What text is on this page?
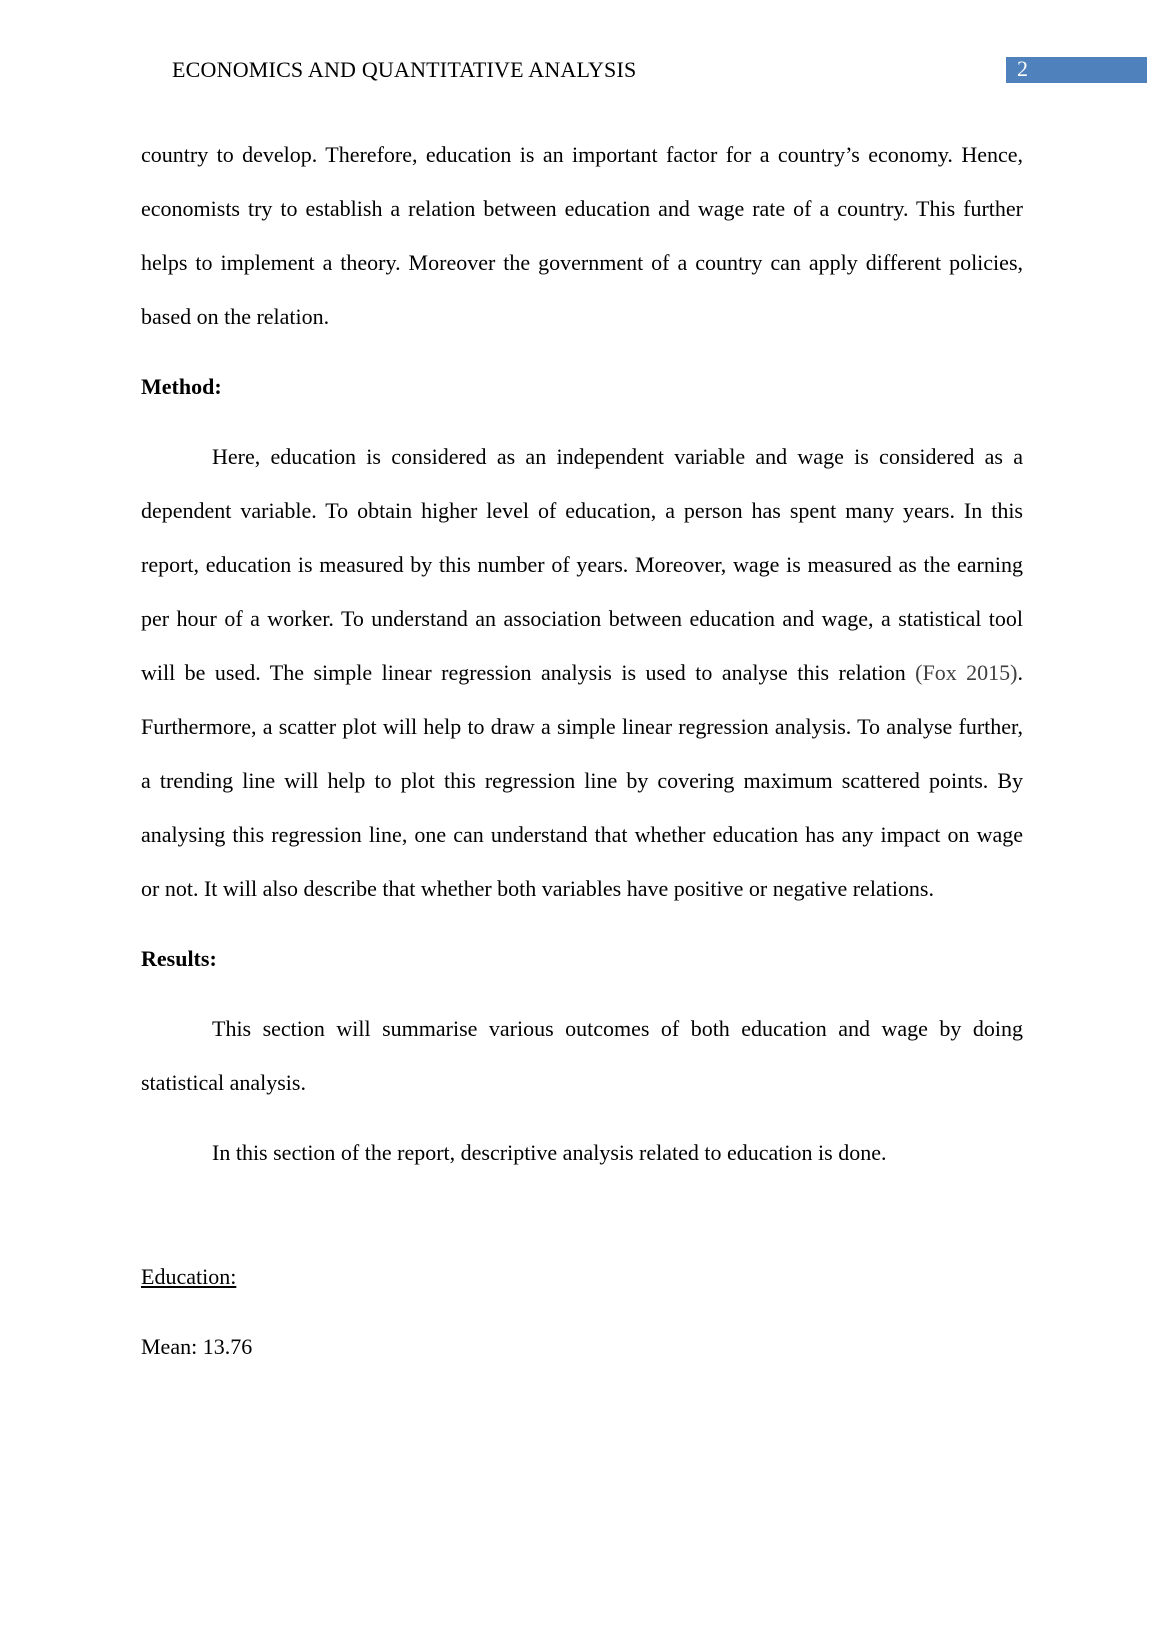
ECONOMICS AND QUANTITATIVE ANALYSIS	2

country to develop. Therefore, education is an important factor for a country’s economy. Hence, economists try to establish a relation between education and wage rate of a country. This further helps to implement a theory. Moreover the government of a country can apply different policies, based on the relation.

Method:

Here, education is considered as an independent variable and wage is considered as a dependent variable. To obtain higher level of education, a person has spent many years. In this report, education is measured by this number of years. Moreover, wage is measured as the earning per hour of a worker. To understand an association between education and wage, a statistical tool will be used. The simple linear regression analysis is used to analyse this relation (Fox 2015). Furthermore, a scatter plot will help to draw a simple linear regression analysis. To analyse further, a trending line will help to plot this regression line by covering maximum scattered points. By analysing this regression line, one can understand that whether education has any impact on wage or not. It will also describe that whether both variables have positive or negative relations.

Results:

This section will summarise various outcomes of both education and wage by doing statistical analysis.

In this section of the report, descriptive analysis related to education is done.

Education:

Mean: 13.76
